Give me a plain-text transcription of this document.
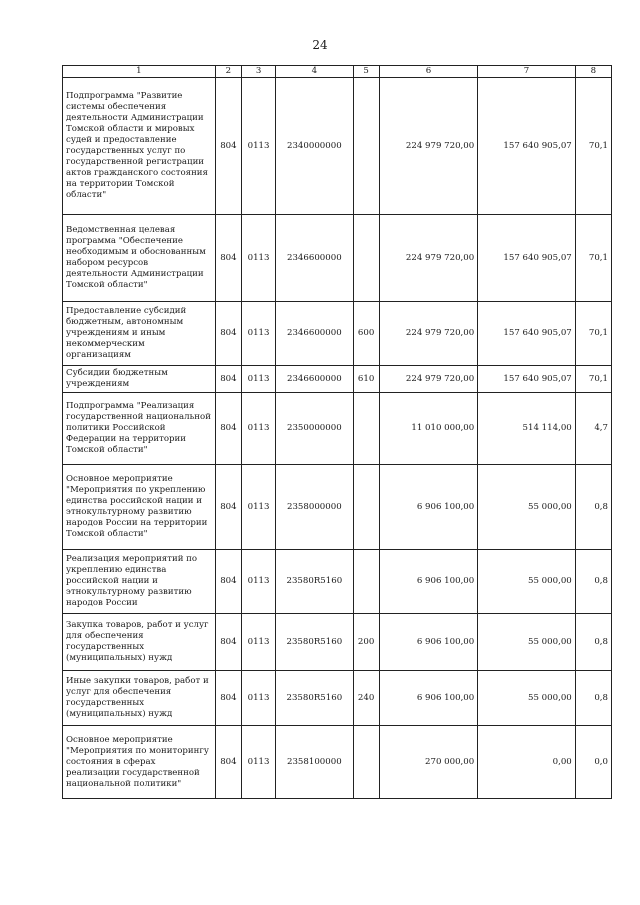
24
1	2	3	4	5	6	7	8
Подпрограмма "Развитие системы обеспечения деятельности Администрации Томской области и мировых судей и предоставление государственных услуг по государственной регистрации актов гражданского состояния на территории Томской области"	804	0113	2340000000		224 979 720,00	157 640 905,07	70,1
Ведомственная целевая программа "Обеспечение необходимым и обоснованным набором ресурсов деятельности Администрации Томской области"	804	0113	2346600000		224 979 720,00	157 640 905,07	70,1
Предоставление субсидий бюджетным, автономным учреждениям и иным некоммерческим организациям	804	0113	2346600000	600	224 979 720,00	157 640 905,07	70,1
Субсидии бюджетным учреждениям	804	0113	2346600000	610	224 979 720,00	157 640 905,07	70,1
Подпрограмма "Реализация государственной национальной политики Российской Федерации на территории Томской области"	804	0113	2350000000		11 010 000,00	514 114,00	4,7
Основное мероприятие "Мероприятия по укреплению единства российской нации и этнокультурному развитию народов России на территории Томской области"	804	0113	2358000000		6 906 100,00	55 000,00	0,8
Реализация мероприятий по укреплению единства российской нации и этнокультурному развитию народов России	804	0113	23580R5160		6 906 100,00	55 000,00	0,8
Закупка товаров, работ и услуг для обеспечения государственных (муниципальных) нужд	804	0113	23580R5160	200	6 906 100,00	55 000,00	0,8
Иные закупки товаров, работ и услуг для обеспечения государственных (муниципальных) нужд	804	0113	23580R5160	240	6 906 100,00	55 000,00	0,8
Основное мероприятие "Мероприятия по мониторингу состояния в сферах реализации государственной национальной политики"	804	0113	2358100000		270 000,00	0,00	0,0
